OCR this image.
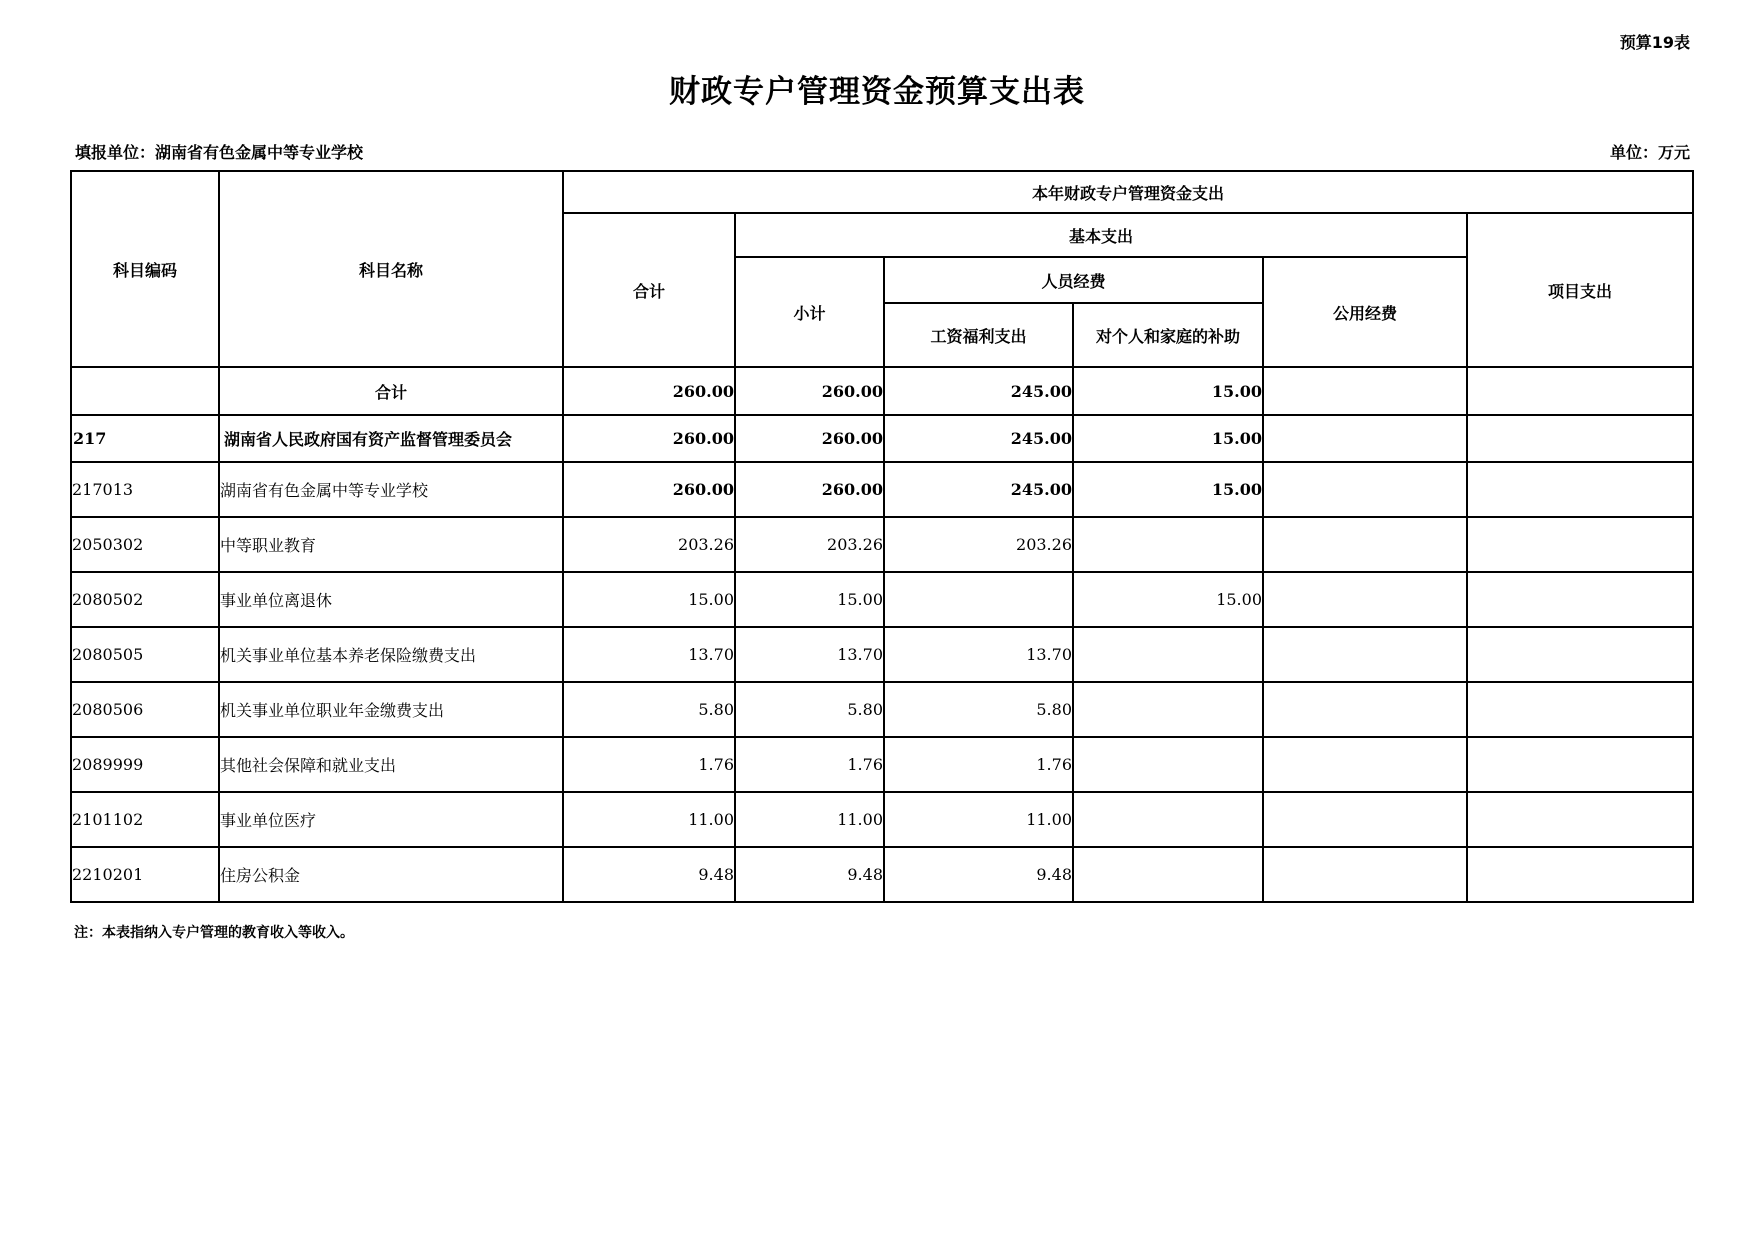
预算19表
财政专户管理资金预算支出表
填报单位：湖南省有色金属中等专业学校	单位：万元
科目编码	科目名称	本年财政专户管理资金支出					
		合计	基本支出				项目支出
			小计	人员经费		公用经费	
				工资福利支出	对个人和家庭的补助		
	合计	260.00	260.00	245.00	15.00		
217	湖南省人民政府国有资产监督管理委员会	260.00	260.00	245.00	15.00		
217013	湖南省有色金属中等专业学校	260.00	260.00	245.00	15.00		
2050302	中等职业教育	203.26	203.26	203.26			
2080502	事业单位离退休	15.00	15.00		15.00		
2080505	机关事业单位基本养老保险缴费支出	13.70	13.70	13.70			
2080506	机关事业单位职业年金缴费支出	5.80	5.80	5.80			
2089999	其他社会保障和就业支出	1.76	1.76	1.76			
2101102	事业单位医疗	11.00	11.00	11.00			
2210201	住房公积金	9.48	9.48	9.48			
注：本表指纳入专户管理的教育收入等收入。
